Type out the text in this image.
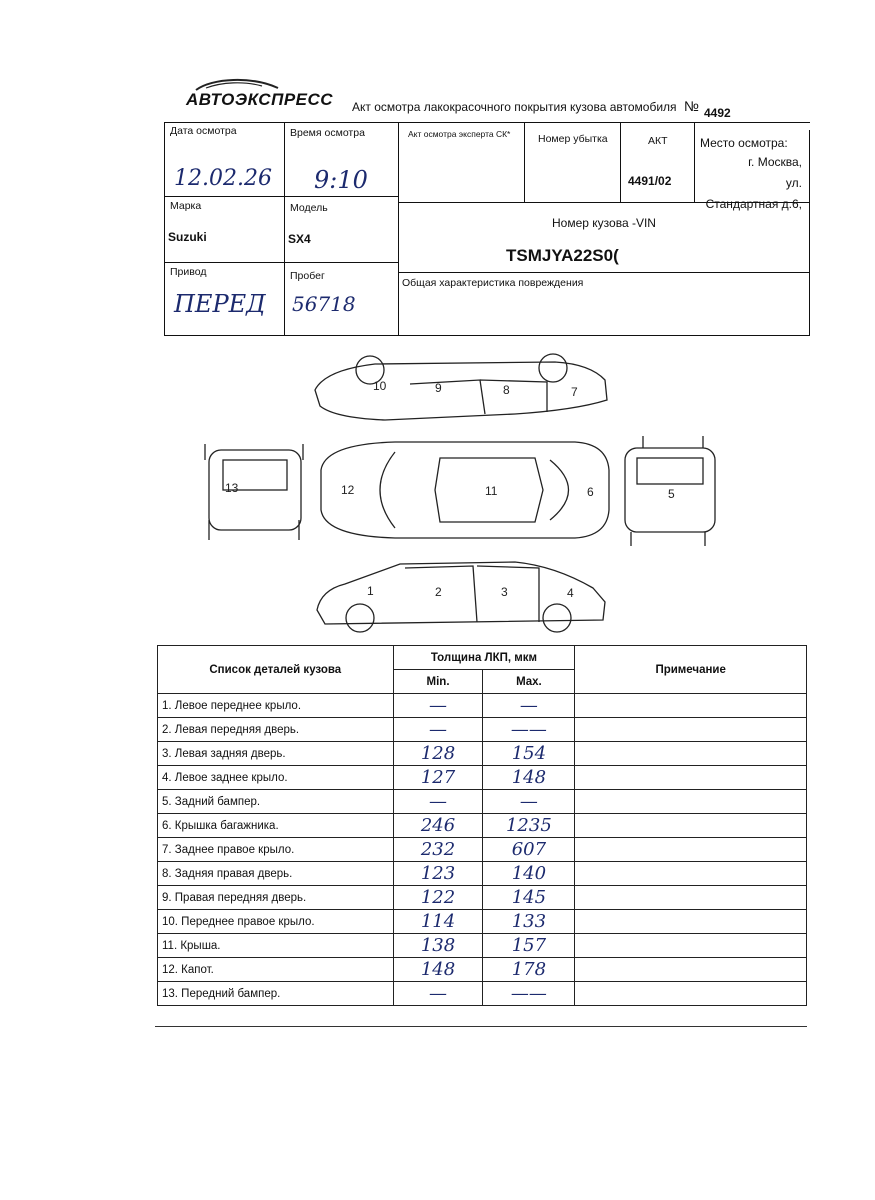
АВТОЭКСПРЕСС Акт осмотра лакокрасочного покрытия кузова автомобиля № 4492
Дата осмотра
12.02.26
Время осмотра
9:10
Акт осмотра эксперта СК*	Номер убытка	АКТ
4491/02
Место осмотра:
г. Москва,
ул.
Стандартная д.6,
Марка
Suzuki
Модель
SX4
Номер кузова -VIN
TSMJYA22S0(
Привод
ПЕРЕД
Пробег
56718
Общая характеристика повреждения
10	9	8	7
13	12	11	6	5
1	2	3	4
Список деталей кузова	Толщина ЛКП, мкм		Примечание
	Min.	Max.	
1. Левое переднее крыло.	—	—	
2. Левая передняя дверь.	—	——	
3. Левая задняя дверь.	128	154	
4. Левое заднее крыло.	127	148	
5. Задний бампер.	—	—	
6. Крышка багажника.	246	1235	
7. Заднее правое крыло.	232	607	
8. Задняя правая дверь.	123	140	
9. Правая передняя дверь.	122	145	
10. Переднее правое крыло.	114	133	
11. Крыша.	138	157	
12. Капот.	148	178	
13. Передний бампер.	—	——	
